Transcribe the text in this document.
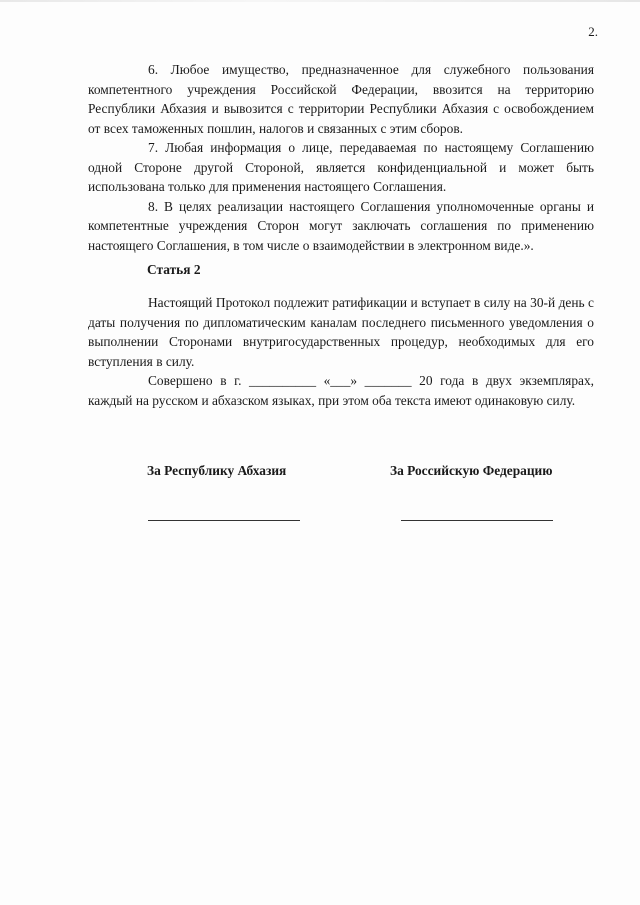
2.

6. Любое имущество, предназначенное для служебного пользования компетентного учреждения Российской Федерации, ввозится на территорию Республики Абхазия и вывозится с территории Республики Абхазия с освобождением от всех таможенных пошлин, налогов и связанных с этим сборов.

7. Любая информация о лице, передаваемая по настоящему Соглашению одной Стороне другой Стороной, является конфиденциальной и может быть использована только для применения настоящего Соглашения.

8. В целях реализации настоящего Соглашения уполномоченные органы и компетентные учреждения Сторон могут заключать соглашения по применению настоящего Соглашения, в том числе о взаимодействии в электронном виде.».

Статья 2

Настоящий Протокол подлежит ратификации и вступает в силу на 30-й день с даты получения по дипломатическим каналам последнего письменного уведомления о выполнении Сторонами внутригосударственных процедур, необходимых для его вступления в силу.

Совершено в г. __________ «___» _______ 20 года в двух экземплярах, каждый на русском и абхазском языках, при этом оба текста имеют одинаковую силу.

За Республику Абхазия	За Российскую Федерацию
